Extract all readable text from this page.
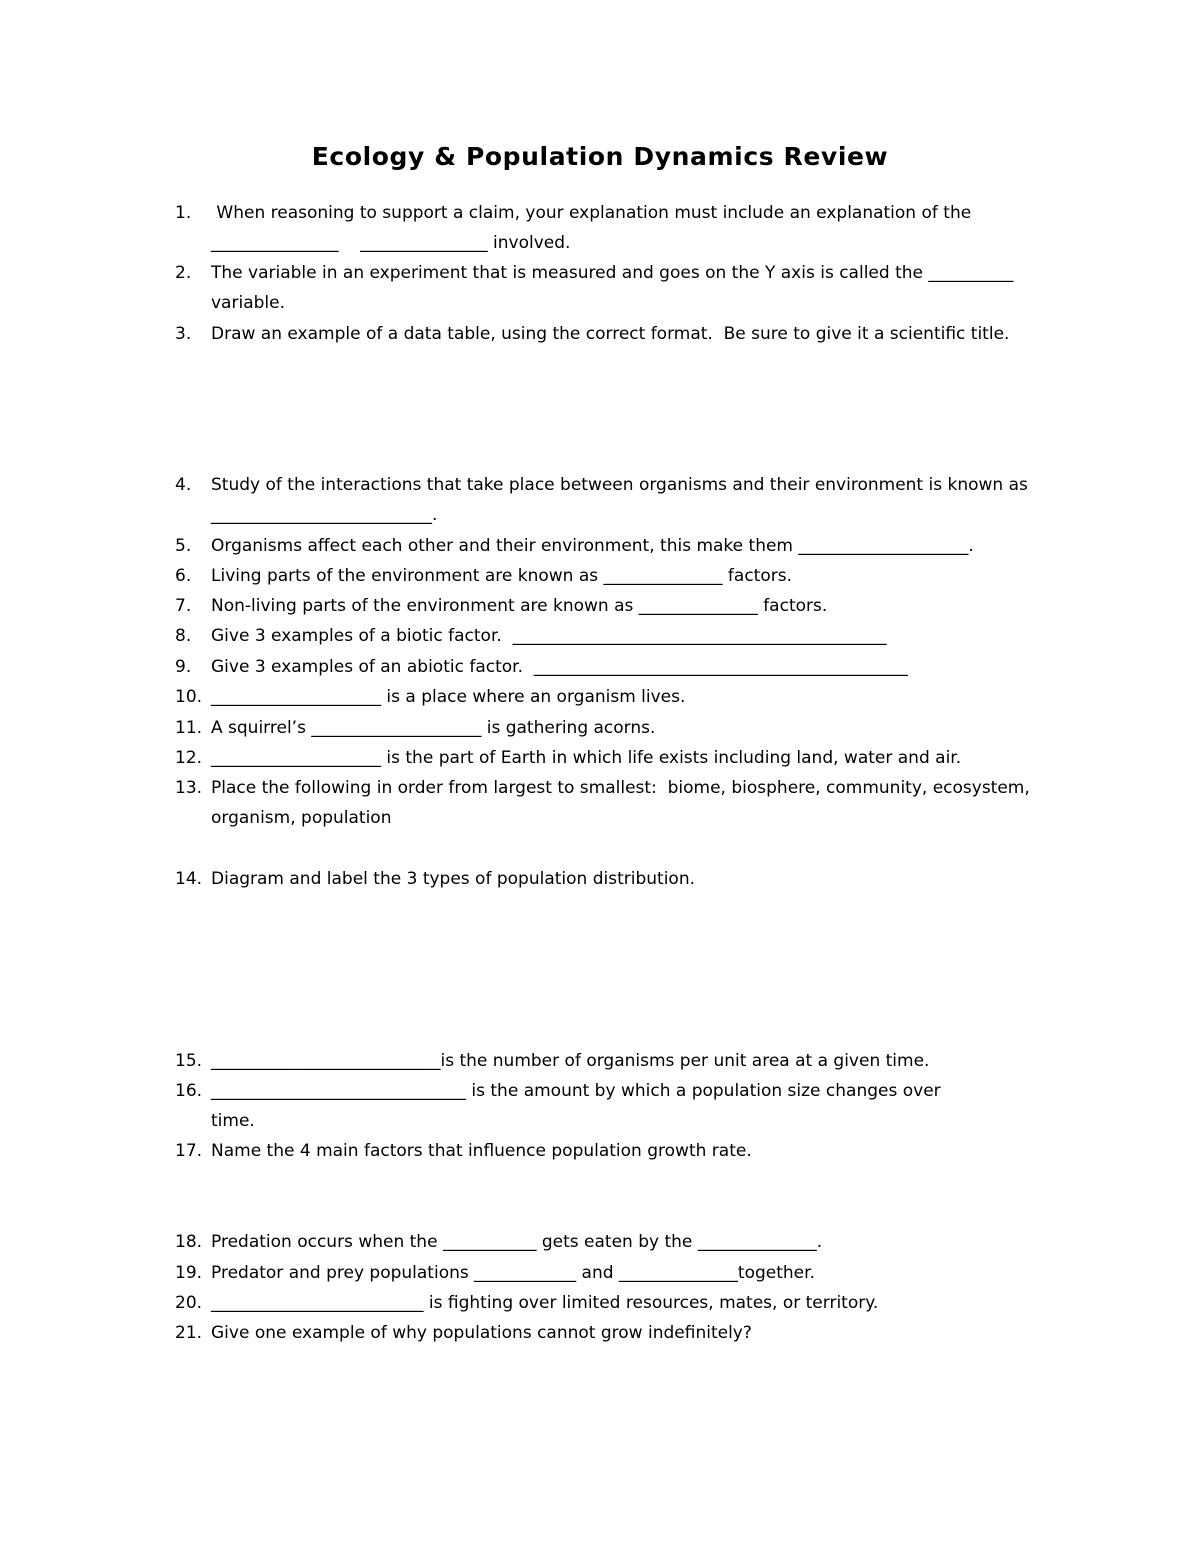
Ecology & Population Dynamics Review
1. When reasoning to support a claim, your explanation must include an explanation of the
_______________    _______________ involved.
2. The variable in an experiment that is measured and goes on the Y axis is called the __________
variable.
3. Draw an example of a data table, using the correct format.  Be sure to give it a scientific title.
4. Study of the interactions that take place between organisms and their environment is known as
__________________________.
5. Organisms affect each other and their environment, this make them ____________________.
6. Living parts of the environment are known as ______________ factors.
7. Non-living parts of the environment are known as ______________ factors.
8. Give 3 examples of a biotic factor.  ____________________________________________
9. Give 3 examples of an abiotic factor.  ____________________________________________
10. ____________________ is a place where an organism lives.
11. A squirrel’s ____________________ is gathering acorns.
12. ____________________ is the part of Earth in which life exists including land, water and air.
13. Place the following in order from largest to smallest:  biome, biosphere, community, ecosystem,
organism, population
14. Diagram and label the 3 types of population distribution.
15. ___________________________is the number of organisms per unit area at a given time.
16. ______________________________ is the amount by which a population size changes over
time.
17. Name the 4 main factors that influence population growth rate.
18. Predation occurs when the ___________ gets eaten by the ______________.
19. Predator and prey populations ____________ and ______________together.
20. _________________________ is fighting over limited resources, mates, or territory.
21. Give one example of why populations cannot grow indefinitely?
